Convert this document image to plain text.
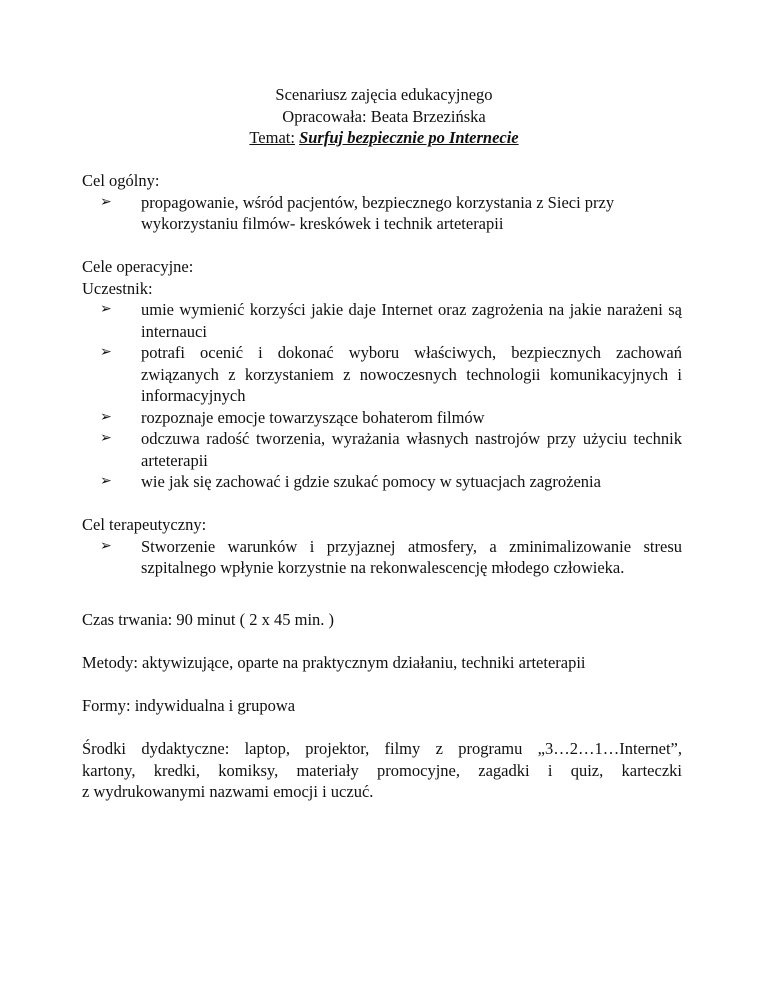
Scenariusz zajęcia edukacyjnego
Opracowała: Beata Brzezińska
Temat: Surfuj bezpiecznie po Internecie
Cel ogólny:
➢	propagowanie, wśród pacjentów, bezpiecznego korzystania z Sieci przy wykorzystaniu filmów- kreskówek i technik arteterapii
Cele operacyjne:
Uczestnik:
➢	umie wymienić korzyści jakie daje Internet oraz zagrożenia na jakie narażeni są internauci
➢	potrafi ocenić i dokonać wyboru właściwych, bezpiecznych zachowań związanych z korzystaniem z nowoczesnych technologii komunikacyjnych i informacyjnych
➢	rozpoznaje emocje towarzyszące bohaterom filmów
➢	odczuwa radość tworzenia, wyrażania własnych nastrojów przy użyciu technik arteterapii
➢	wie jak się zachować i gdzie szukać pomocy w sytuacjach zagrożenia
Cel terapeutyczny:
➢	Stworzenie warunków i przyjaznej atmosfery, a zminimalizowanie stresu szpitalnego wpłynie korzystnie na rekonwalescencję młodego człowieka.
Czas trwania: 90 minut ( 2 x 45 min. )
Metody: aktywizujące, oparte na praktycznym działaniu, techniki arteterapii
Formy: indywidualna i grupowa
Środki dydaktyczne: laptop, projektor, filmy z programu „3…2…1…Internet”,
kartony, kredki, komiksy, materiały promocyjne, zagadki i quiz, karteczki
z wydrukowanymi nazwami emocji i uczuć.
